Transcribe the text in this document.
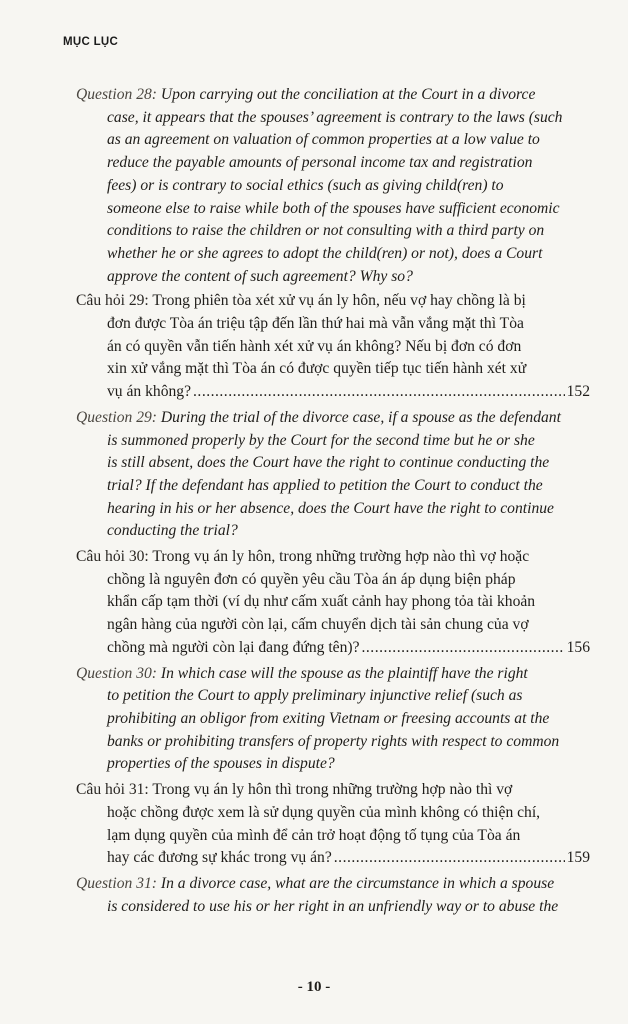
MỤC LỤC
Question 28: Upon carrying out the conciliation at the Court in a divorce
case, it appears that the spouses’ agreement is contrary to the laws (such
as an agreement on valuation of common properties at a low value to
reduce the payable amounts of personal income tax and registration
fees) or is contrary to social ethics (such as giving child(ren) to
someone else to raise while both of the spouses have sufficient economic
conditions to raise the children or not consulting with a third party on
whether he or she agrees to adopt the child(ren) or not), does a Court
approve the content of such agreement? Why so?
Câu hỏi 29: Trong phiên tòa xét xử vụ án ly hôn, nếu vợ hay chồng là bị
đơn được Tòa án triệu tập đến lần thứ hai mà vẫn vắng mặt thì Tòa
án có quyền vẫn tiến hành xét xử vụ án không? Nếu bị đơn có đơn
xin xử vắng mặt thì Tòa án có được quyền tiếp tục tiến hành xét xử
vụ án không? .....	152
Question 29: During the trial of the divorce case, if a spouse as the defendant
is summoned properly by the Court for the second time but he or she
is still absent, does the Court have the right to continue conducting the
trial? If the defendant has applied to petition the Court to conduct the
hearing in his or her absence, does the Court have the right to continue
conducting the trial?
Câu hỏi 30: Trong vụ án ly hôn, trong những trường hợp nào thì vợ hoặc
chồng là nguyên đơn có quyền yêu cầu Tòa án áp dụng biện pháp
khẩn cấp tạm thời (ví dụ như cấm xuất cảnh hay phong tỏa tài khoản
ngân hàng của người còn lại, cấm chuyển dịch tài sản chung của vợ
chồng mà người còn lại đang đứng tên)? .....	156
Question 30: In which case will the spouse as the plaintiff have the right
to petition the Court to apply preliminary injunctive relief (such as
prohibiting an obligor from exiting Vietnam or freesing accounts at the
banks or prohibiting transfers of property rights with respect to common
properties of the spouses in dispute?
Câu hỏi 31: Trong vụ án ly hôn thì trong những trường hợp nào thì vợ
hoặc chồng được xem là sử dụng quyền của mình không có thiện chí,
lạm dụng quyền của mình để cản trở hoạt động tố tụng của Tòa án
hay các đương sự khác trong vụ án? .....	159
Question 31: In a divorce case, what are the circumstance in which a spouse
is considered to use his or her right in an unfriendly way or to abuse the
- 10 -
